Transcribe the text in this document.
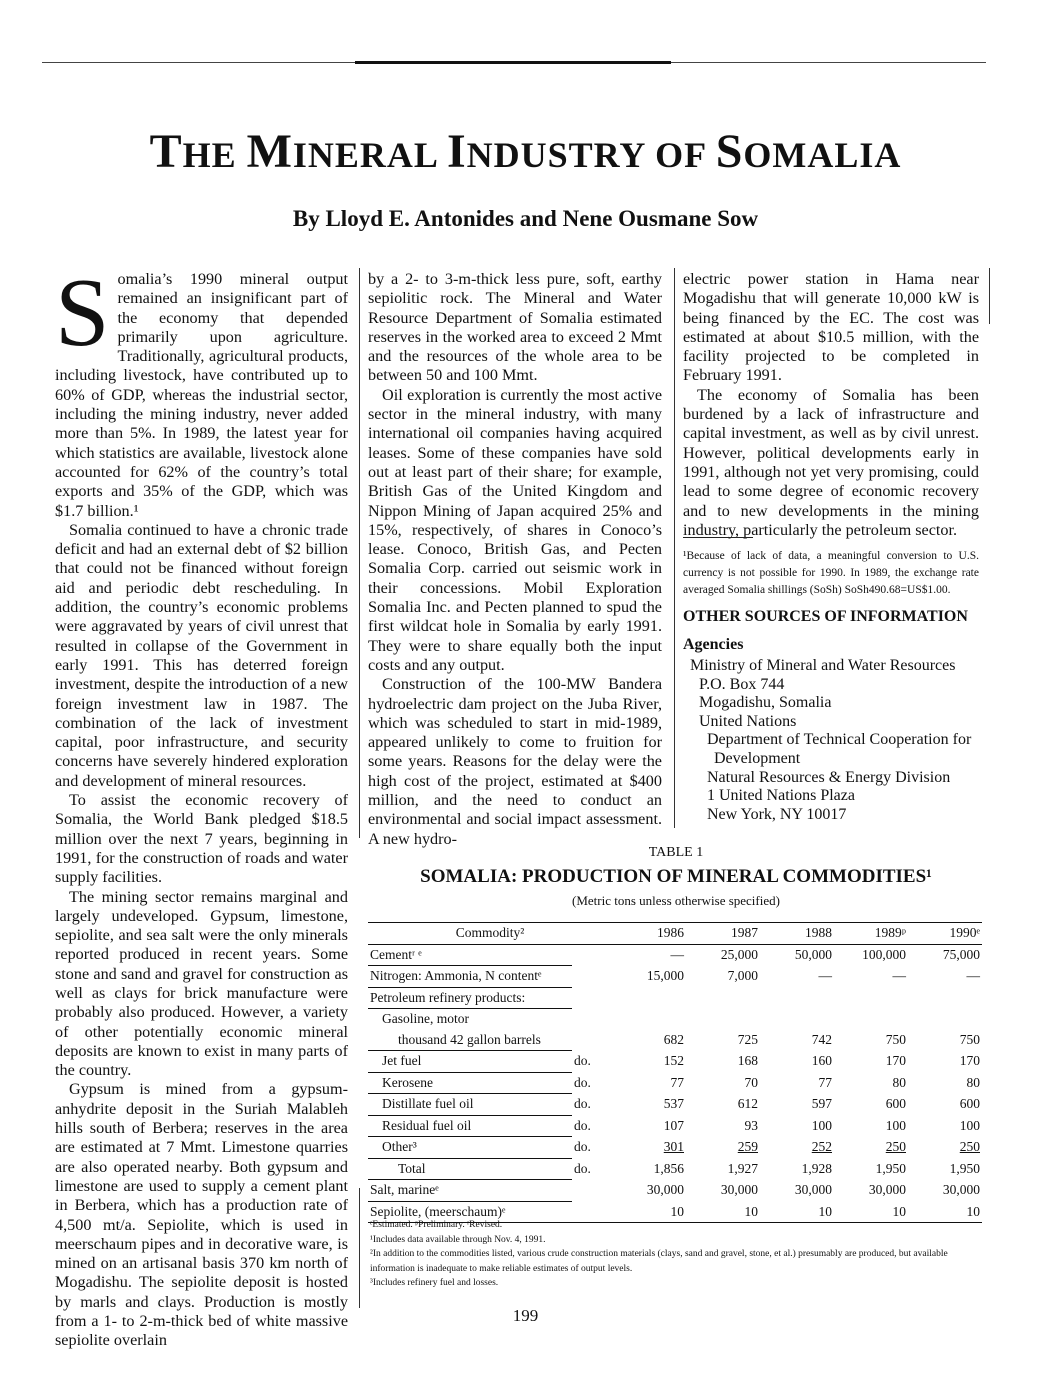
THE MINERAL INDUSTRY OF SOMALIA
By Lloyd E. Antonides and Nene Ousmane Sow

Somalia’s 1990 mineral output remained an insignificant part of the economy that depended primarily upon agriculture. Traditionally, agricultural products, including livestock, have contributed up to 60% of GDP, whereas the industrial sector, including the mining industry, never added more than 5%. In 1989, the latest year for which statistics are available, livestock alone accounted for 62% of the country’s total exports and 35% of the GDP, which was $1.7 billion.¹

Somalia continued to have a chronic trade deficit and had an external debt of $2 billion that could not be financed without foreign aid and periodic debt rescheduling. In addition, the country’s economic problems were aggravated by years of civil unrest that resulted in collapse of the Government in early 1991. This has deterred foreign investment, despite the introduction of a new foreign investment law in 1987. The combination of the lack of investment capital, poor infrastructure, and security concerns have severely hindered exploration and development of mineral resources.

To assist the economic recovery of Somalia, the World Bank pledged $18.5 million over the next 7 years, beginning in 1991, for the construction of roads and water supply facilities.

The mining sector remains marginal and largely undeveloped. Gypsum, limestone, sepiolite, and sea salt were the only minerals reported produced in recent years. Some stone and sand and gravel for construction as well as clays for brick manufacture were probably also produced. However, a variety of other potentially economic mineral deposits are known to exist in many parts of the country.

Gypsum is mined from a gypsum-anhydrite deposit in the Suriah Malableh hills south of Berbera; reserves in the area are estimated at 7 Mmt. Limestone quarries are also operated nearby. Both gypsum and limestone are used to supply a cement plant in Berbera, which has a production rate of 4,500 mt/a. Sepiolite, which is used in meerschaum pipes and in decorative ware, is mined on an artisanal basis 370 km north of Mogadishu. The sepiolite deposit is hosted by marls and clays. Production is mostly from a 1- to 2-m-thick bed of white massive sepiolite overlain

by a 2- to 3-m-thick less pure, soft, earthy sepiolitic rock. The Mineral and Water Resource Department of Somalia estimated reserves in the worked area to exceed 2 Mmt and the resources of the whole area to be between 50 and 100 Mmt.

Oil exploration is currently the most active sector in the mineral industry, with many international oil companies having acquired leases. Some of these companies have sold out at least part of their share; for example, British Gas of the United Kingdom and Nippon Mining of Japan acquired 25% and 15%, respectively, of shares in Conoco’s lease. Conoco, British Gas, and Pecten Somalia Corp. carried out seismic work in their concessions. Mobil Exploration Somalia Inc. and Pecten planned to spud the first wildcat hole in Somalia by early 1991. They were to share equally both the input costs and any output.

Construction of the 100-MW Bandera hydroelectric dam project on the Juba River, which was scheduled to start in mid-1989, appeared unlikely to come to fruition for some years. Reasons for the delay were the high cost of the project, estimated at $400 million, and the need to conduct an environmental and social impact assessment. A new hydro-

electric power station in Hama near Mogadishu that will generate 10,000 kW is being financed by the EC. The cost was estimated at about $10.5 million, with the facility projected to be completed in February 1991.

The economy of Somalia has been burdened by a lack of infrastructure and capital investment, as well as by civil unrest. However, political developments early in 1991, although not yet very promising, could lead to some degree of economic recovery and to new developments in the mining industry, particularly the petroleum sector.

¹Because of lack of data, a meaningful conversion to U.S. currency is not possible for 1990. In 1989, the exchange rate averaged Somalia shillings (SoSh) SoSh490.68=US$1.00.
OTHER SOURCES OF INFORMATION
Agencies
Ministry of Mineral and Water Resources
P.O. Box 744
Mogadishu, Somalia
United Nations
Department of Technical Cooperation for
Development
Natural Resources & Energy Division
1 United Nations Plaza
New York, NY 10017
TABLE 1
SOMALIA: PRODUCTION OF MINERAL COMMODITIES¹
(Metric tons unless otherwise specified)
Commodity²		1986	1987	1988	1989ᵖ	1990ᵉ
Cementʳ ᵉ		—	25,000	50,000	100,000	75,000
Nitrogen: Ammonia, N contentᵉ		15,000	7,000	—	—	—
Petroleum refinery products:						
Gasoline, motor						
thousand 42 gallon barrels		682	725	742	750	750
Jet fuel	do.	152	168	160	170	170
Kerosene	do.	77	70	77	80	80
Distillate fuel oil	do.	537	612	597	600	600
Residual fuel oil	do.	107	93	100	100	100
Other³	do.	301	259	252	250	250
Total	do.	1,856	1,927	1,928	1,950	1,950
Salt, marineᵉ		30,000	30,000	30,000	30,000	30,000
Sepiolite, (meerschaum)ᵉ		10	10	10	10	10
ᵉEstimated. ᵖPreliminary. ʳRevised.
¹Includes data available through Nov. 4, 1991.
²In addition to the commodities listed, various crude construction materials (clays, sand and gravel, stone, et al.) presumably are produced, but available information is inadequate to make reliable estimates of output levels.
³Includes refinery fuel and losses.
199
